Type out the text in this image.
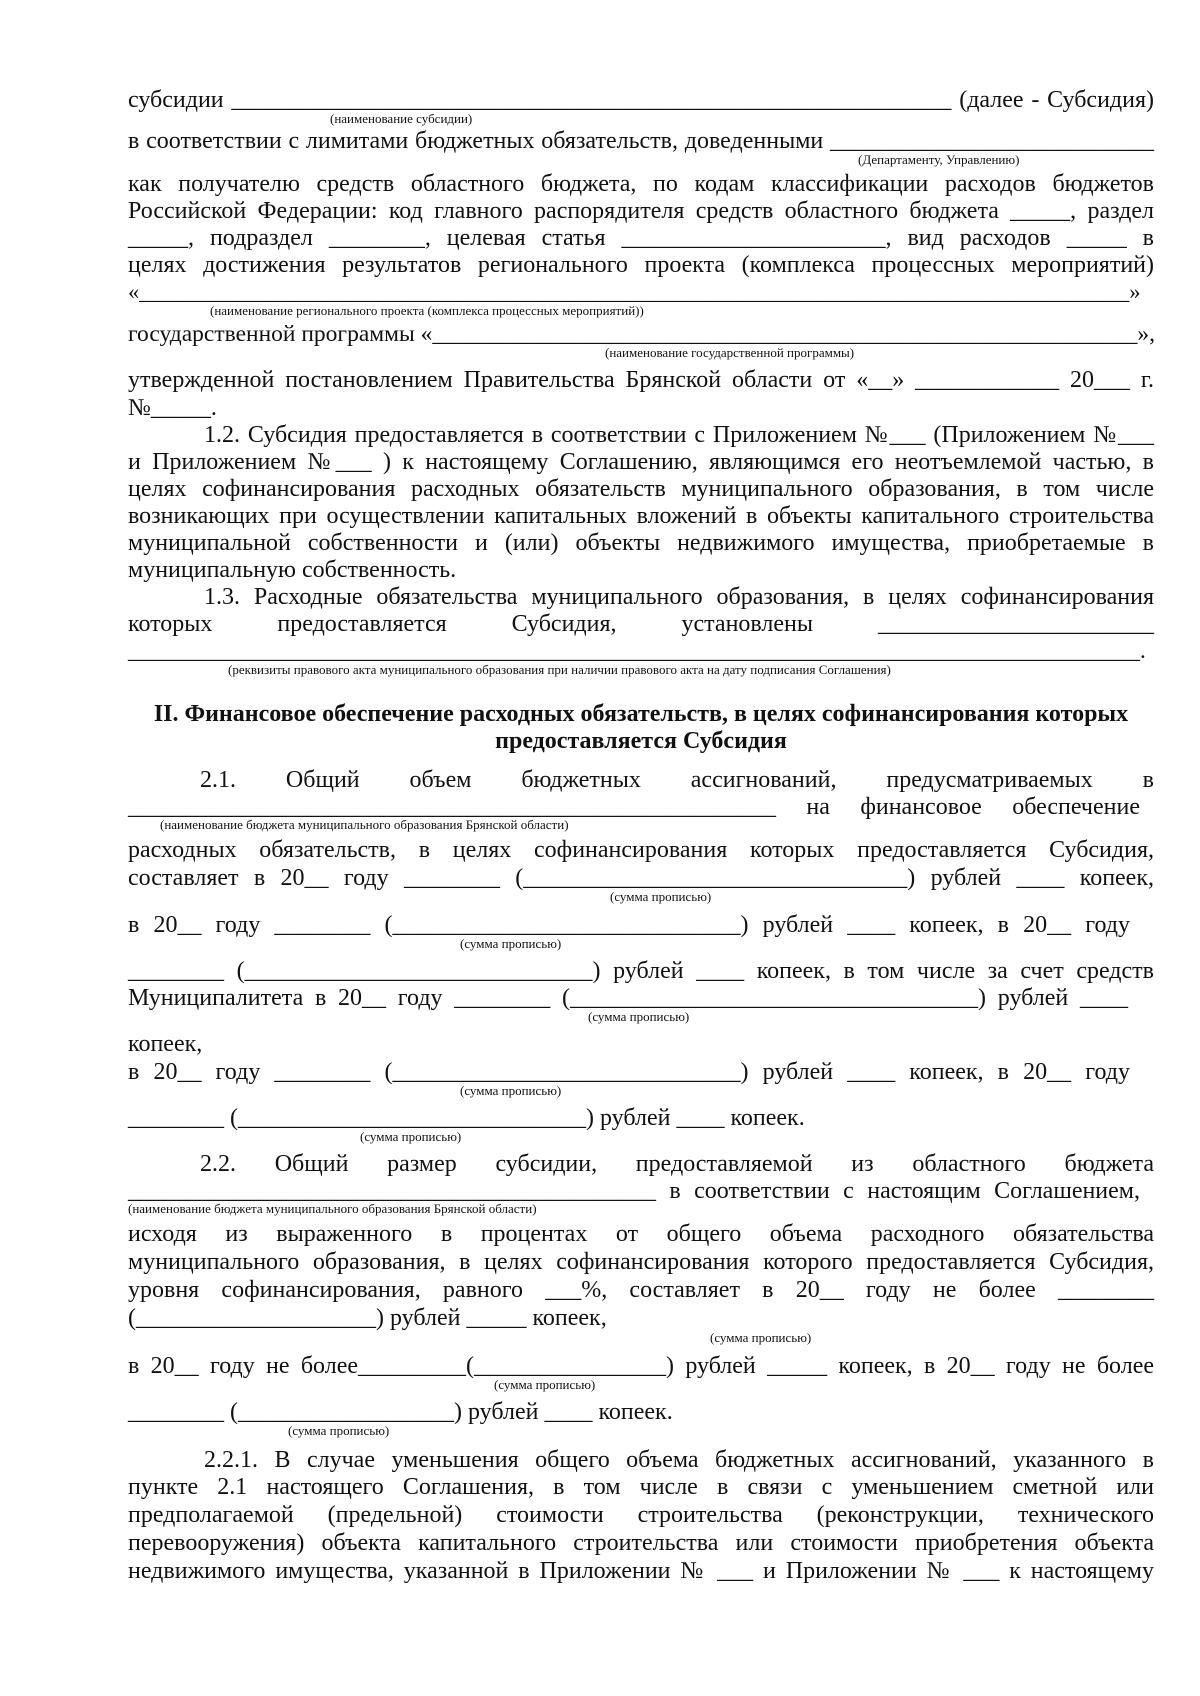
субсидии ____________________________________________________________ (далее - Субсидия)
(наименование субсидии)
в соответствии с лимитами бюджетных обязательств, доведенными ___________________________
(Департаменту, Управлению)
как получателю средств областного бюджета, по кодам классификации расходов бюджетов
Российской Федерации: код главного распорядителя средств областного бюджета _____, раздел
_____, подраздел ________, целевая статья ______________________, вид расходов _____ в
целях достижения результатов регионального проекта (комплекса процессных мероприятий)
«________________________________________________________________________________________»
(наименование регионального проекта (комплекса процессных мероприятий))
государственной программы «____________________________________________________________»,
(наименование государственной программы)
утвержденной постановлением Правительства Брянской области от «__» ____________ 20___ г.
№_____.
1.2. Субсидия предоставляется в соответствии с Приложением №___ (Приложением №___
и Приложением №___ ) к настоящему Соглашению, являющимся его неотъемлемой частью, в
целях софинансирования расходных обязательств муниципального образования, в том числе
возникающих при осуществлении капитальных вложений в объекты капитального строительства
муниципальной собственности и (или) объекты недвижимого имущества, приобретаемые в
муниципальную собственность.
1.3. Расходные обязательства муниципального образования, в целях софинансирования
которых предоставляется Субсидия, установлены _______________________
________________________________________________________________________________________.
(реквизиты правового акта муниципального образования при наличии правового акта на дату подписания Соглашения)
II. Финансовое обеспечение расходных обязательств, в целях софинансирования которых
предоставляется Субсидия
2.1. Общий объем бюджетных ассигнований, предусматриваемых в
______________________________________________________ на финансовое обеспечение
(наименование бюджета муниципального образования Брянской области)
расходных обязательств, в целях софинансирования которых предоставляется Субсидия,
составляет в 20__ году ________ (________________________________) рублей ____ копеек,
(сумма прописью)
в 20__ году ________ (_____________________________) рублей ____ копеек, в 20__ году
(сумма прописью)
________ (_____________________________) рублей ____ копеек, в том числе за счет средств
Муниципалитета в 20__ году ________ (__________________________________) рублей ____
(сумма прописью)
копеек,
в 20__ году ________ (_____________________________) рублей ____ копеек, в 20__ году
(сумма прописью)
________ (_____________________________) рублей ____ копеек.
(сумма прописью)
2.2. Общий размер субсидии, предоставляемой из областного бюджета
____________________________________________ в соответствии с настоящим Соглашением,
(наименование бюджета муниципального образования Брянской области)
исходя из выраженного в процентах от общего объема расходного обязательства
муниципального образования, в целях софинансирования которого предоставляется Субсидия,
уровня софинансирования, равного ___%, составляет в 20__ году не более ________
(____________________) рублей _____ копеек,
(сумма прописью)
в 20__ году не более_________(________________) рублей _____ копеек, в 20__ году не более
(сумма прописью)
________ (__________________) рублей ____ копеек.
(сумма прописью)
2.2.1. В случае уменьшения общего объема бюджетных ассигнований, указанного в
пункте 2.1 настоящего Соглашения, в том числе в связи с уменьшением сметной или
предполагаемой (предельной) стоимости строительства (реконструкции, технического
перевооружения) объекта капитального строительства или стоимости приобретения объекта
недвижимого имущества, указанной в Приложении № ___ и Приложении № ___ к настоящему
